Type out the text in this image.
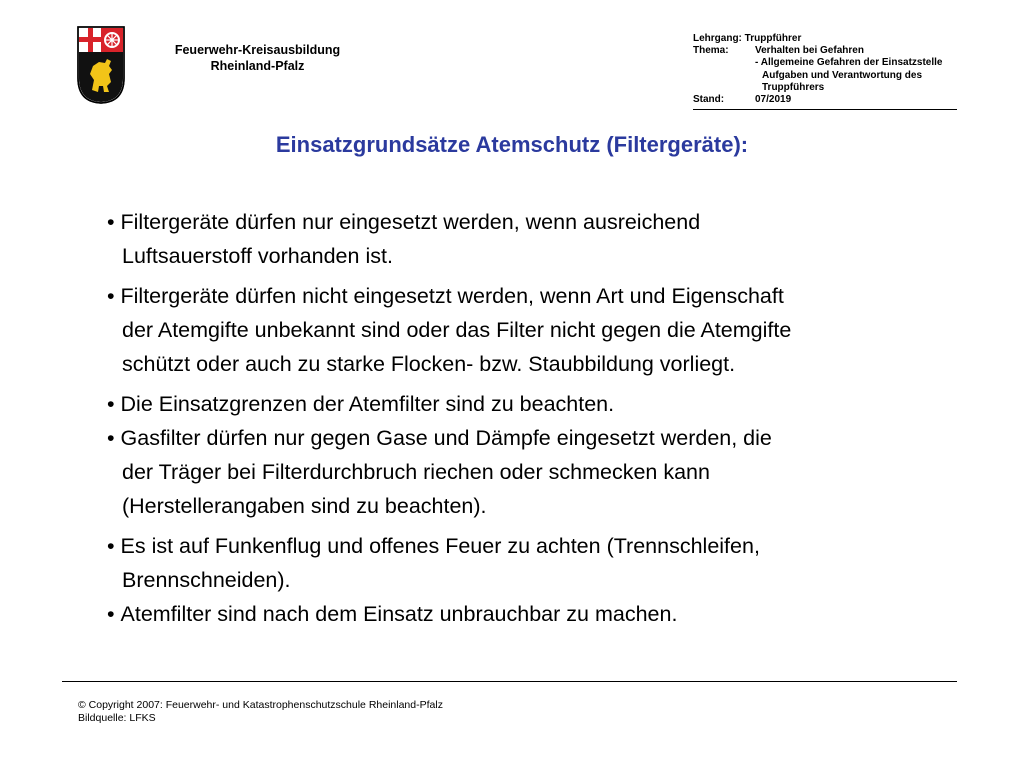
Feuerwehr-Kreisausbildung
Rheinland-Pfalz
Lehrgang:
Truppführer
Thema:	Verhalten bei Gefahren
- Allgemeine Gefahren der Einsatzstelle
Aufgaben und Verantwortung des
Truppführers
Stand:	07/2019
Einsatzgrundsätze Atemschutz (Filtergeräte):
• Filtergeräte dürfen nur eingesetzt werden, wenn ausreichend
Luftsauerstoff vorhanden ist.
• Filtergeräte dürfen nicht eingesetzt werden, wenn Art und Eigenschaft
der Atemgifte unbekannt sind oder das Filter nicht gegen die Atemgifte
schützt oder auch zu starke Flocken- bzw. Staubbildung vorliegt.
• Die Einsatzgrenzen der Atemfilter sind zu beachten.
• Gasfilter dürfen nur gegen Gase und Dämpfe eingesetzt werden, die
der Träger bei Filterdurchbruch riechen oder schmecken kann
(Herstellerangaben sind zu beachten).
• Es ist auf Funkenflug und offenes Feuer zu achten (Trennschleifen,
Brennschneiden).
• Atemfilter sind nach dem Einsatz unbrauchbar zu machen.
© Copyright 2007: Feuerwehr- und Katastrophenschutzschule Rheinland-Pfalz
Bildquelle: LFKS
